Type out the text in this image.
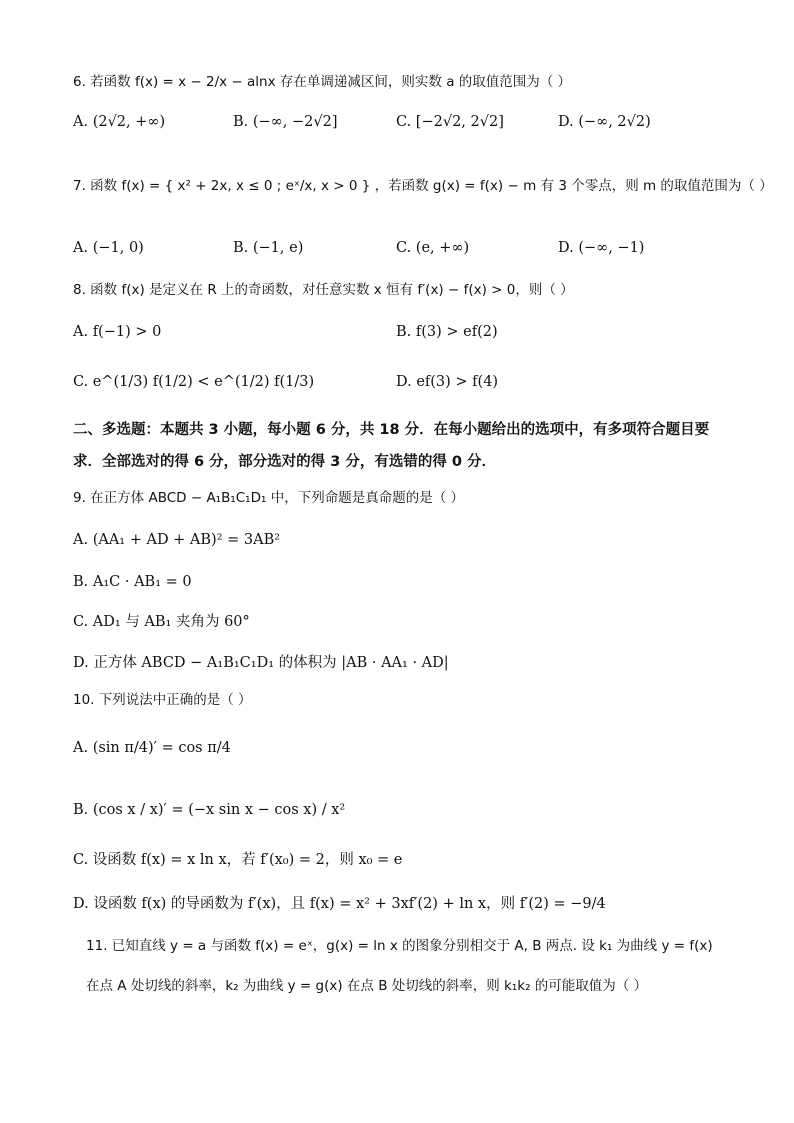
6. 若函数 f(x) = x − 2/x − alnx 存在单调递减区间，则实数 a 的取值范围为（ ）
A. (2√2, +∞)	B. (−∞, −2√2]	C. [−2√2, 2√2]	D. (−∞, 2√2)
7. 函数 f(x) = { x² + 2x, x ≤ 0 ; eˣ/x, x > 0 } ，若函数 g(x) = f(x) − m 有 3 个零点，则 m 的取值范围为（ ）
A. (−1, 0)	B. (−1, e)	C. (e, +∞)	D. (−∞, −1)
8. 函数 f(x) 是定义在 R 上的奇函数，对任意实数 x 恒有 f′(x) − f(x) > 0，则（ ）
A. f(−1) > 0	B. f(3) > ef(2)
C. e^(1/3) f(1/2) < e^(1/2) f(1/3)	D. ef(3) > f(4)
二、多选题：本题共 3 小题，每小题 6 分，共 18 分．在每小题给出的选项中，有多项符合题目要求．全部选对的得 6 分，部分选对的得 3 分，有选错的得 0 分．
9. 在正方体 ABCD − A₁B₁C₁D₁ 中，下列命题是真命题的是（ ）
A. (AA₁ + AD + AB)² = 3AB²
B. A₁C · AB₁ = 0
C. AD₁ 与 AB₁ 夹角为 60°
D. 正方体 ABCD − A₁B₁C₁D₁ 的体积为 |AB · AA₁ · AD|
10. 下列说法中正确的是（ ）
A. (sin π/4)′ = cos π/4
B. (cos x / x)′ = (−x sin x − cos x) / x²
C. 设函数 f(x) = x ln x，若 f′(x₀) = 2，则 x₀ = e
D. 设函数 f(x) 的导函数为 f′(x)，且 f(x) = x² + 3xf′(2) + ln x，则 f′(2) = −9/4
11. 已知直线 y = a 与函数 f(x) = eˣ，g(x) = ln x 的图象分别相交于 A, B 两点. 设 k₁ 为曲线 y = f(x)
在点 A 处切线的斜率，k₂ 为曲线 y = g(x) 在点 B 处切线的斜率，则 k₁k₂ 的可能取值为（ ）
